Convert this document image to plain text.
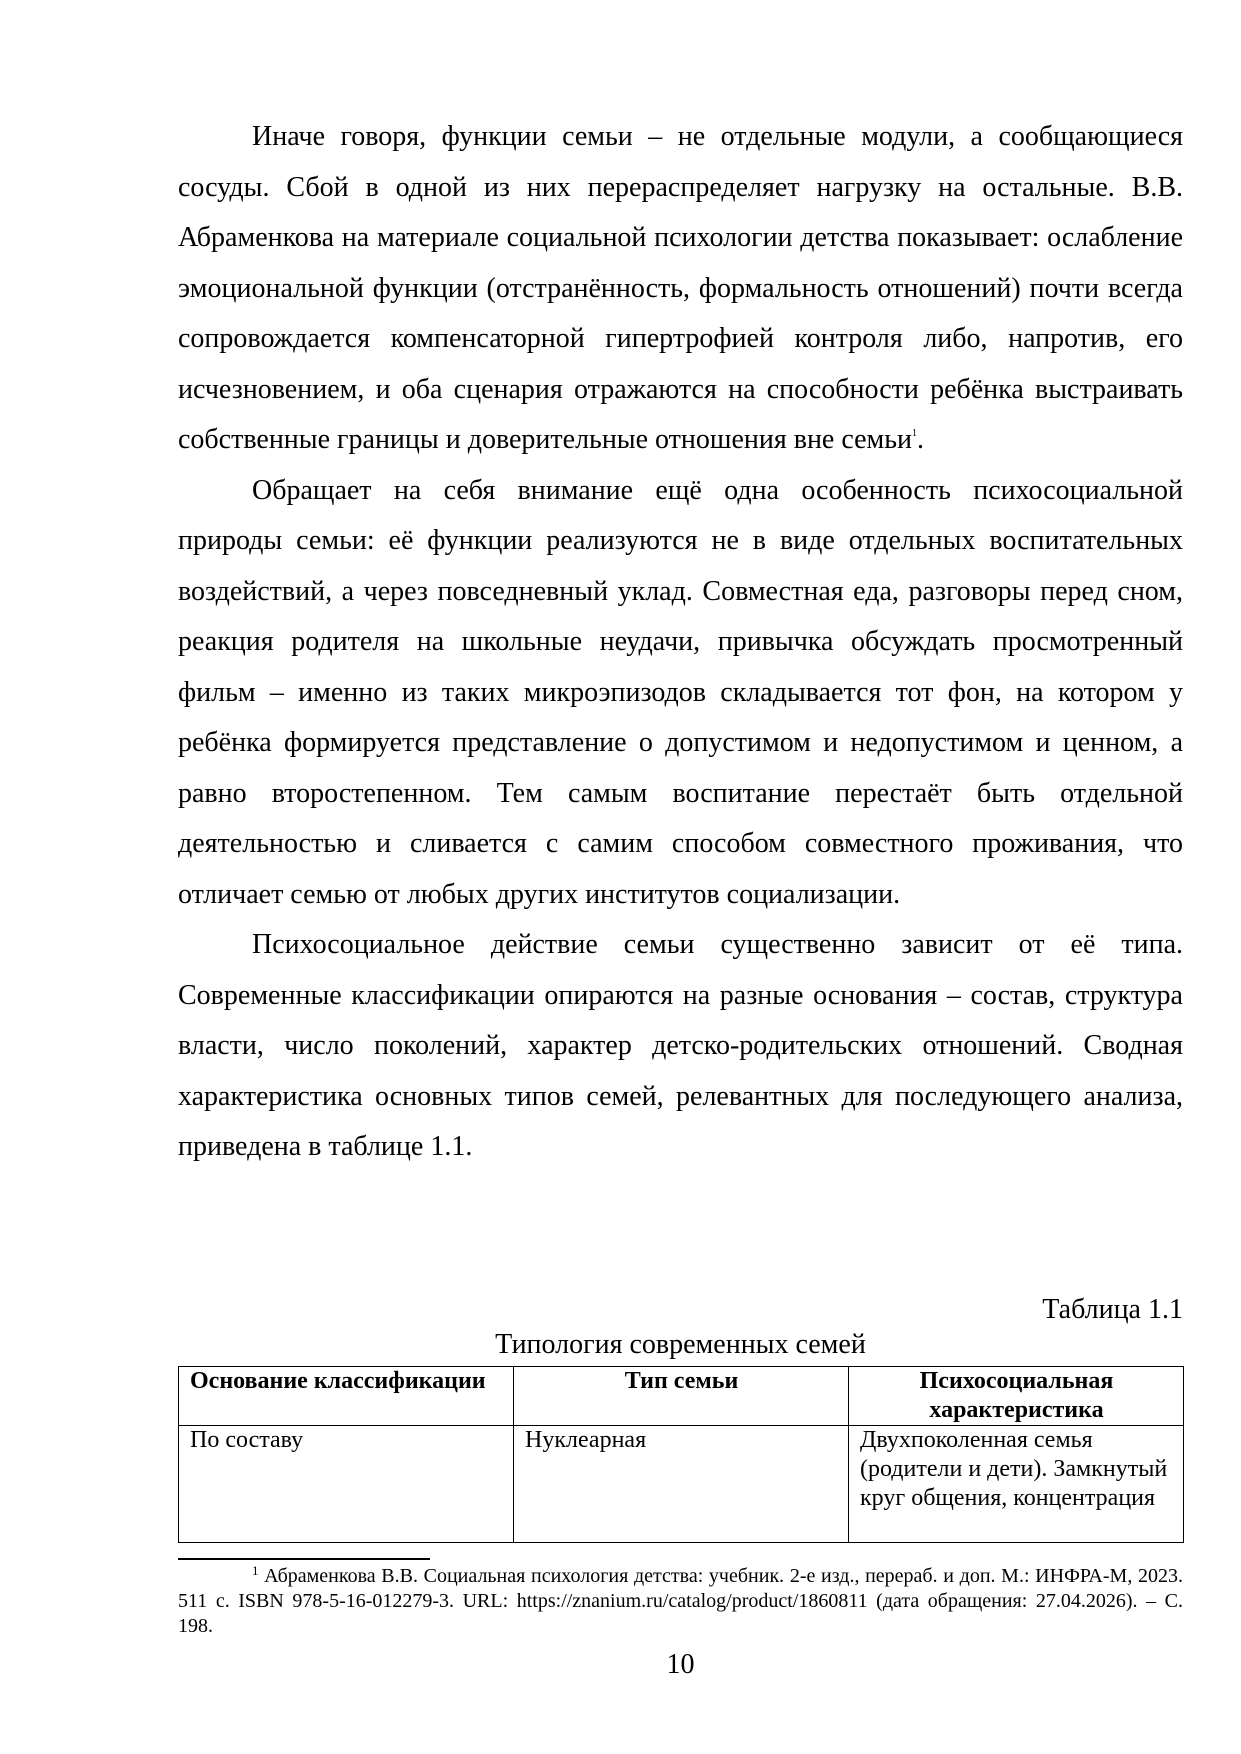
Иначе говоря, функции семьи – не отдельные модули, а сообщающиеся сосуды. Сбой в одной из них перераспределяет нагрузку на остальные. В.В. Абраменкова на материале социальной психологии детства показывает: ослабление эмоциональной функции (отстранённость, формальность отношений) почти всегда сопровождается компенсаторной гипертрофией контроля либо, напротив, его исчезновением, и оба сценария отражаются на способности ребёнка выстраивать собственные границы и доверительные отношения вне семьи$^1$.

Обращает на себя внимание ещё одна особенность психосоциальной природы семьи: её функции реализуются не в виде отдельных воспитательных воздействий, а через повседневный уклад. Совместная еда, разговоры перед сном, реакция родителя на школьные неудачи, привычка обсуждать просмотренный фильм – именно из таких микроэпизодов складывается тот фон, на котором у ребёнка формируется представление о допустимом и недопустимом и ценном, а равно второстепенном. Тем самым воспитание перестаёт быть отдельной деятельностью и сливается с самим способом совместного проживания, что отличает семью от любых других институтов социализации.

Психосоциальное действие семьи существенно зависит от её типа. Современные классификации опираются на разные основания – состав, структура власти, число поколений, характер детско-родительских отношений. Сводная характеристика основных типов семей, релевантных для последующего анализа, приведена в таблице 1.1.

Таблица 1.1
Типология современных семей
Основание классификации	Тип семьи	Психосоциальная характеристика
По составу	Нуклеарная	Двухпоколенная семья (родители и дети). Замкнутый круг общения, концентрация

$^1$ Абраменкова В.В. Социальная психология детства: учебник. 2-е изд., перераб. и доп. М.: ИНФРА-М, 2023. 511 с. ISBN 978-5-16-012279-3. URL: https://znanium.ru/catalog/product/1860811 (дата обращения: 27.04.2026). – С. 198.

10
